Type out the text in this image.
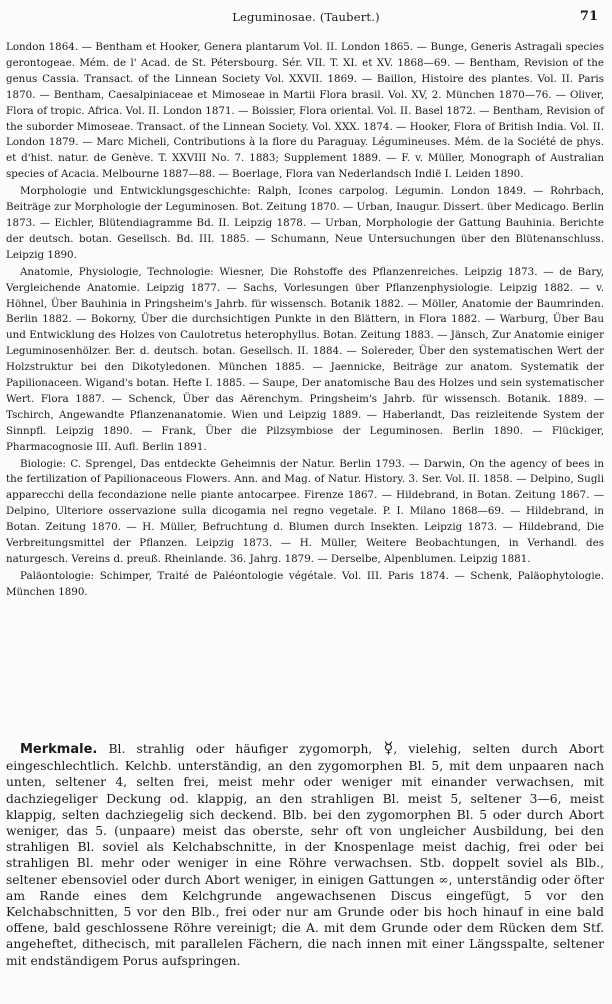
Leguminosae. (Taubert.)	71

London 1864. — Bentham et Hooker, Genera plantarum Vol. II. London 1865. — Bunge, Generis Astragali species gerontogeae. Mém. de l' Acad. de St. Pétersbourg. Sér. VII. T. XI. et XV. 1868—69. — Bentham, Revision of the genus Cassia. Transact. of the Linnean Society Vol. XXVII. 1869. — Baillon, Histoire des plantes. Vol. II. Paris 1870. — Bentham, Caesalpiniaceae et Mimoseae in Martii Flora brasil. Vol. XV, 2. München 1870—76. — Oliver, Flora of tropic. Africa. Vol. II. London 1871. — Boissier, Flora oriental. Vol. II. Basel 1872. — Bentham, Revision of the suborder Mimoseae. Transact. of the Linnean Society. Vol. XXX. 1874. — Hooker, Flora of British India. Vol. II. London 1879. — Marc Micheli, Contributions à la flore du Paraguay. Légumineuses. Mém. de la Société de phys. et d'hist. natur. de Genève. T. XXVIII No. 7. 1883; Supplement 1889. — F. v. Müller, Monograph of Australian species of Acacia. Melbourne 1887—88. — Boerlage, Flora van Nederlandsch Indië I. Leiden 1890.

Morphologie und Entwicklungsgeschichte: Ralph, Icones carpolog. Legumin. London 1849. — Rohrbach, Beiträge zur Morphologie der Leguminosen. Bot. Zeitung 1870. — Urban, Inaugur. Dissert. über Medicago. Berlin 1873. — Eichler, Blütendiagramme Bd. II. Leipzig 1878. — Urban, Morphologie der Gattung Bauhinia. Berichte der deutsch. botan. Gesellsch. Bd. III. 1885. — Schumann, Neue Untersuchungen über den Blütenanschluss. Leipzig 1890.

Anatomie, Physiologie, Technologie: Wiesner, Die Rohstoffe des Pflanzenreiches. Leipzig 1873. — de Bary, Vergleichende Anatomie. Leipzig 1877. — Sachs, Vorlesungen über Pflanzenphysiologie. Leipzig 1882. — v. Höhnel, Über Bauhinia in Pringsheim's Jahrb. für wissensch. Botanik 1882. — Möller, Anatomie der Baumrinden. Berlin 1882. — Bokorny, Über die durchsichtigen Punkte in den Blättern, in Flora 1882. — Warburg, Über Bau und Entwicklung des Holzes von Caulotretus heterophyllus. Botan. Zeitung 1883. — Jänsch, Zur Anatomie einiger Leguminosenhölzer. Ber. d. deutsch. botan. Gesellsch. II. 1884. — Solereder, Über den systematischen Wert der Holzstruktur bei den Dikotyledonen. München 1885. — Jaennicke, Beiträge zur anatom. Systematik der Papilionaceen. Wigand's botan. Hefte I. 1885. — Saupe, Der anatomische Bau des Holzes und sein systematischer Wert. Flora 1887. — Schenck, Über das Aërenchym. Pringsheim's Jahrb. für wissensch. Botanik. 1889. — Tschirch, Angewandte Pflanzenanatomie. Wien und Leipzig 1889. — Haberlandt, Das reizleitende System der Sinnpfl. Leipzig 1890. — Frank, Über die Pilzsymbiose der Leguminosen. Berlin 1890. — Flückiger, Pharmacognosie III. Aufl. Berlin 1891.

Biologie: C. Sprengel, Das entdeckte Geheimnis der Natur. Berlin 1793. — Darwin, On the agency of bees in the fertilization of Papilionaceous Flowers. Ann. and Mag. of Natur. History. 3. Ser. Vol. II. 1858. — Delpino, Sugli apparecchi della fecondazione nelle piante antocarpee. Firenze 1867. — Hildebrand, in Botan. Zeitung 1867. — Delpino, Ulteriore osservazione sulla dicogamia nel regno vegetale. P. I. Milano 1868—69. — Hildebrand, in Botan. Zeitung 1870. — H. Müller, Befruchtung d. Blumen durch Insekten. Leipzig 1873. — Hildebrand, Die Verbreitungsmittel der Pflanzen. Leipzig 1873. — H. Müller, Weitere Beobachtungen, in Verhandl. des naturgesch. Vereins d. preuß. Rheinlande. 36. Jahrg. 1879. — Derselbe, Alpenblumen. Leipzig 1881.

Paläontologie: Schimper, Traité de Paléontologie végétale. Vol. III. Paris 1874. — Schenk, Paläophytologie. München 1890.

Merkmale. Bl. strahlig oder häufiger zygomorph, ☿, vielehig, selten durch Abort eingeschlechtlich. Kelchb. unterständig, an den zygomorphen Bl. 5, mit dem unpaaren nach unten, seltener 4, selten frei, meist mehr oder weniger mit einander verwachsen, mit dachziegeliger Deckung od. klappig, an den strahligen Bl. meist 5, seltener 3—6, meist klappig, selten dachziegelig sich deckend. Blb. bei den zygomorphen Bl. 5 oder durch Abort weniger, das 5. (unpaare) meist das oberste, sehr oft von ungleicher Ausbildung, bei den strahligen Bl. soviel als Kelchabschnitte, in der Knospenlage meist dachig, frei oder bei strahligen Bl. mehr oder weniger in eine Röhre verwachsen. Stb. doppelt soviel als Blb., seltener ebensoviel oder durch Abort weniger, in einigen Gattungen ∞, unterständig oder öfter am Rande eines dem Kelchgrunde angewachsenen Discus eingefügt, 5 vor den Kelchabschnitten, 5 vor den Blb., frei oder nur am Grunde oder bis hoch hinauf in eine bald offene, bald geschlossene Röhre vereinigt; die A. mit dem Grunde oder dem Rücken dem Stf. angeheftet, dithecisch, mit parallelen Fächern, die nach innen mit einer Längsspalte, seltener mit endständigem Porus aufspringen.
